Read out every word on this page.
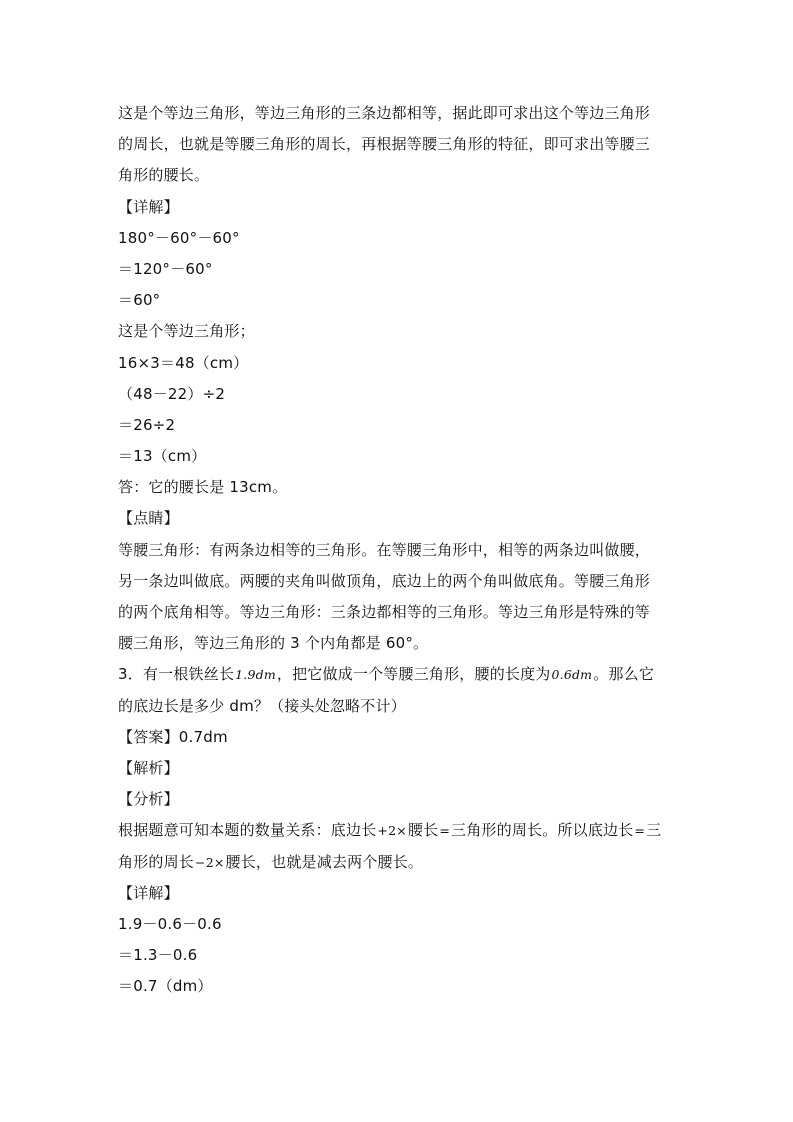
这是个等边三角形，等边三角形的三条边都相等，据此即可求出这个等边三角形
的周长，也就是等腰三角形的周长，再根据等腰三角形的特征，即可求出等腰三
角形的腰长。
【详解】
180°－60°－60°
＝120°－60°
＝60°
这是个等边三角形；
16×3＝48（cm）
（48－22）÷2
＝26÷2
＝13（cm）
答：它的腰长是 13cm。
【点睛】
等腰三角形：有两条边相等的三角形。在等腰三角形中，相等的两条边叫做腰，
另一条边叫做底。两腰的夹角叫做顶角，底边上的两个角叫做底角。等腰三角形
的两个底角相等。等边三角形：三条边都相等的三角形。等边三角形是特殊的等
腰三角形，等边三角形的 3 个内角都是 60°。
3．有一根铁丝长1.9dm，把它做成一个等腰三角形，腰的长度为0.6dm。那么它
的底边长是多少 dm？（接头处忽略不计）
【答案】0.7dm
【解析】
【分析】
根据题意可知本题的数量关系：底边长+2×腰长=三角形的周长。所以底边长=三
角形的周长−2×腰长，也就是减去两个腰长。
【详解】
1.9－0.6－0.6
＝1.3－0.6
＝0.7（dm）
